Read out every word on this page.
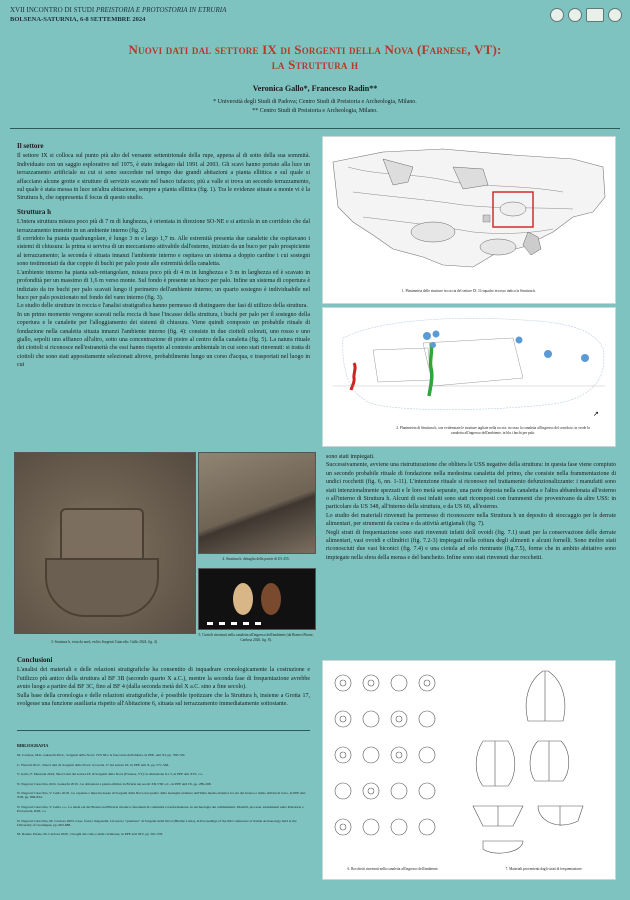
XVII INCONTRO DI STUDI PREISTORIA E PROTOSTORIA IN ETRURIA
BOLSENA-SATURNIA, 6-8 SETTEMBRE 2024
Nuovi dati dal settore IX di Sorgenti della Nova (Farnese, VT):
la Struttura h
Veronica Gallo*, Francesco Radin**
* Università degli Studi di Padova; Centro Studi di Preistoria e Archeologia, Milano.
** Centro Studi di Preistoria e Archeologia, Milano.
Il settore

Il settore IX si colloca sul punto più alto del versante settentrionale della rupe, appena al di sotto della sua sommità. Individuato con un saggio esplorativo nel 1975, è stato indagato dal 1991 al 2003. Gli scavi hanno portato alla luce un terrazzamento artificiale su cui si sono succedute nel tempo due grandi abitazioni a pianta ellittica e sul quale si affacciano alcune grotte e strutture di servizio scavate nel banco tufaceo; più a valle si trova un secondo terrazzamento, sul quale è stata messa in luce un'altra abitazione, sempre a pianta ellittica (fig. 1). Tra le evidenze situate a monte vi è la Struttura h, che rappresenta il focus di questo studio.

Struttura h

L'intera struttura misura poco più di 7 m di lunghezza, è orientata in direzione SO-NE e si articola in un corridoio che dal terrazzamento immette in un ambiente interno (fig. 2).

Il corridoio ha pianta quadrangolare, è lungo 3 m e largo 1,7 m. Alle estremità presenta due canalette che ospitavano i sistemi di chiusura: la prima si serviva di un meccanismo attivabile dall'esterno, iniziato da un buco per palo prospiciente al terrazzamento; la seconda è situata innanzi l'ambiente interno e ospitava un sistema a doppio cardine i cui sostegni sono testimoniati da due coppie di buchi per palo poste alle estremità della canaletta.

L'ambiente interno ha pianta sub-rettangolare, misura poco più di 4 m in lunghezza e 3 m in larghezza ed è scavato in profondità per un massimo di 1,6 m verso monte. Sul fondo è presente un buco per palo. Infine un sistema di copertura è indiziato da tre buchi per palo scavati lungo il perimetro dell'ambiente interno; un quarto sostegno è individuabile nel buco per palo posizionato nel fondo del vano interno (fig. 3).

Lo studio delle strutture in roccia e l'analisi stratigrafica hanno permesso di distinguere due fasi di utilizzo della struttura.

In un primo momento vengono scavati nella roccia di base l'incasso della struttura, i buchi per palo per il sostegno della copertura e le canalette per l'alloggiamento dei sistemi di chiusura. Viene quindi composto un probabile rituale di fondazione nella canaletta situata innanzi l'ambiente interno (fig. 4): consiste in due ciottoli colorati, uno rosso e uno giallo, sepolti uno affianco all'altro, sotto una concentrazione di pietre al centro della canaletta (fig. 5). La natura rituale dei ciottoli si riconosce nell'estraneità che essi hanno rispetto al contesto ambientale in cui sono stati rinvenuti: si tratta di ciottoli che sono stati appositamente selezionati altrove, probabilmente lungo un corso d'acqua, e trasportati nel luogo in cui

1. Planimetria delle strutture in roccia del settore IX. Il riquadro in rosso indica la Struttura h.
↗
2. Planimetria di Struttura h, con evidenziate le strutture tagliate nella roccia: in rosso la canaletta all'ingresso del corridoio, in verde la canaletta all'ingresso dell'ambiente, in blu i buchi per palo.
3. Struttura h, vista da nord, en lits Sorgenti Catacolto. Gallo 2024, fig. 4)
4. Struttura h, dettaglio della parete di US 455.
5. Ciottoli rinvenuti nella canaletta all'ingresso dell'ambiente (da Romeo Pitone, Cardosa 2020, fig. 8).

sono stati impiegati.

Successivamente, avviene una ristrutturazione che oblitera le USS negative della struttura: in questa fase viene compiuto un secondo probabile rituale di fondazione nella medesima canaletta del primo, che consiste nella frammentazione di undici rocchetti (fig. 6, nn. 1-11). L'intenzione rituale si riconosce nel trattamento defunzionalizzante: i manufatti sono stati intenzionalmente spezzati e le loro metà separate, una parte deposta nella canaletta e l'altra abbandonata all'esterno o all'interno di Struttura h. Alcuni di essi infatti sono stati ricomposti con frammenti che provenivano da altre USS: in particolare da US 348, all'interno della struttura, e da US 60, all'esterno.

Lo studio dei materiali rinvenuti ha permesso di riconoscere nella Struttura h un deposito di stoccaggio per le derrate alimentari, per strumenti da cucina e da attività artigianali (fig. 7).

Negli strati di frequentazione sono stati rinvenuti infatti dolî ovoidi (fig. 7.1) usati per la conservazione delle derrate alimentari, vasi ovoidi e cilindrici (fig. 7.2-3) impiegati nella cottura degli alimenti e alcuni fornelli. Sono inoltre stati riconosciuti due vasi biconici (fig. 7.4) e una ciotola ad orlo rientrante (fig.7.5), forme che in ambito abitativo sono impiegate nella sfera della mensa e del banchetto. Infine sono stati rinvenuti due rocchetti.

Conclusioni

L'analisi dei materiali e delle relazioni stratigrafiche ha consentito di inquadrare cronologicamente la costruzione e l'utilizzo più antico della struttura al BF 3B (secondo quarto X a.C.), mentre la seconda fase di frequentazione avrebbe avuto luogo a partire dal BF 3C, fino al BF 4 (dalla seconda metà del X a.C. sino a fine secolo).

Sulla base della cronologia e delle relazioni stratigrafiche, è possibile ipotizzare che la Struttura h, insieme a Grotta 17, svolgesse una funzione ausiliaria rispetto all'Abitazione 6, situata sul terrazzamento immediatamente sottostante.

BIBLIOGRAFIA
M. Cardosa, M.K. Gaiaschi 2014 , Sorgenti della Nova: l'US 68 e la fase tarda dell'abitato, in PPE, Atti XI, pp. 708-720.
C. Fizzotti 2012 , Nuovi dati da Sorgenti della Nova: la Grotta 17 del settore IX, in PPE Atti X, pp. 571-584.
V. Gallo, F. Mastroni 2024, Nuovi dati dal settore IX di Sorgenti della Nova (Farnese, VT): la Abitazione 6 e 5, in PPE Atti XVI, c.s.
N. Negroni Catacchio, M.K. Gaiaschi 2019 , Le abitazioni a pianta ellittica in Etruria nei secoli XII-VIII a.C., in PPE Atti IX, pp. 289-298.
N. Negroni Catacchio, V. Gallo 2018 , Le capanne a linee incassate di Sorgenti della Nova nel quadro delle analoghe strutture dell'Italia medio-tirrenica tra età del bronzo e inizio dell'età di ferro, in PPE Atti XIII, pp. 809-834.
N. Negroni Catacchio, V. Gallo c.s., La tenda età del Bronzo nell'Etruria tirrenica: fenomeni di continuità e trasformazione, in Archeologia dei cambiamenti. Modelli, processi, adattamenti nella Preistoria e Protostoria, RSP, c.s.
N. Negroni Catacchio, M. Cardosa 2003, Case, forni e magazzini. Un nuovo "quartiere" di Sorgenti della Nova (Hirsthe Lazio), in Proceedings of the 6th Conference of Italian Archaeology held at the University of Groningen, pp. 663-688.
M. Romeo Pitone, M. Cardosa 2020 , I luoghi del culto e delle cerimonie, in PPE Atti XIV, pp. 561-578.
6. Rocchetti rinvenuti nella canaletta all'ingresso dell'ambiente.	7. Materiali provenienti dagli strati di frequentazione.
